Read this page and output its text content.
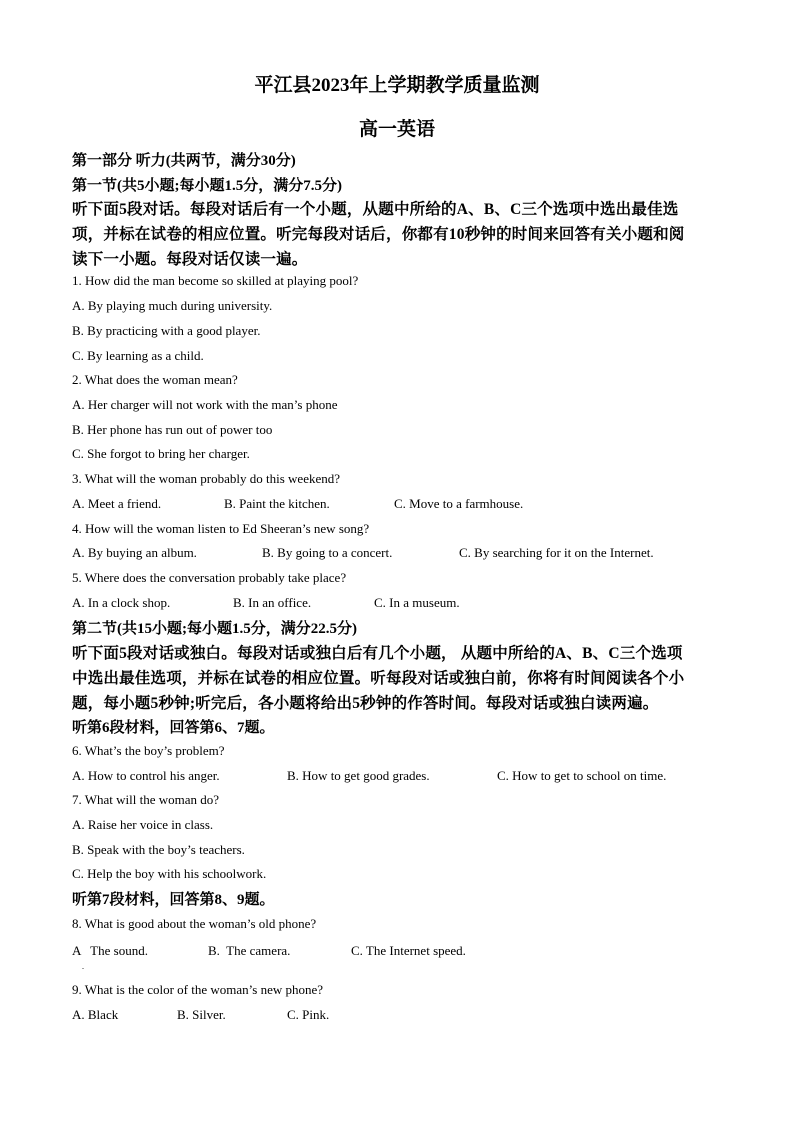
平江县2023年上学期教学质量监测
高一英语
第一部分 听力(共两节，满分30分)
第一节(共5小题;每小题1.5分，满分7.5分)
听下面5段对话。每段对话后有一个小题，从题中所给的A、B、C三个选项中选出最佳选
项，并标在试卷的相应位置。听完每段对话后，你都有10秒钟的时间来回答有关小题和阅
读下一小题。每段对话仅读一遍。
1. How did the man become so skilled at playing pool?
A. By playing much during university.
B. By practicing with a good player.
C. By learning as a child.
2. What does the woman mean?
A. Her charger will not work with the man’s phone
B. Her phone has run out of power too
C. She forgot to bring her charger.
3. What will the woman probably do this weekend?
A. Meet a friend.	B. Paint the kitchen.	C. Move to a farmhouse.
4. How will the woman listen to Ed Sheeran’s new song?
A. By buying an album.	B. By going to a concert.	C. By searching for it on the Internet.
5. Where does the conversation probably take place?
A. In a clock shop.	B. In an office.	C. In a museum.
第二节(共15小题;每小题1.5分，满分22.5分)
听下面5段对话或独白。每段对话或独白后有几个小题， 从题中所给的A、B、C三个选项
中选出最佳选项，并标在试卷的相应位置。听每段对话或独白前，你将有时间阅读各个小
题，每小题5秒钟;听完后，各小题将给出5秒钟的作答时间。每段对话或独白读两遍。
听第6段材料，回答第6、7题。
6. What’s the boy’s problem?
A. How to control his anger.	B. How to get good grades.	C. How to get to school on time.
7. What will the woman do?
A. Raise her voice in class.
B. Speak with the boy’s teachers.
C. Help the boy with his schoolwork.
听第7段材料，回答第8、9题。
8. What is good about the woman’s old phone?
A   The sound.	B.  The camera.	C. The Internet speed.
.
9. What is the color of the woman’s new phone?
A. Black	B. Silver.	C. Pink.
